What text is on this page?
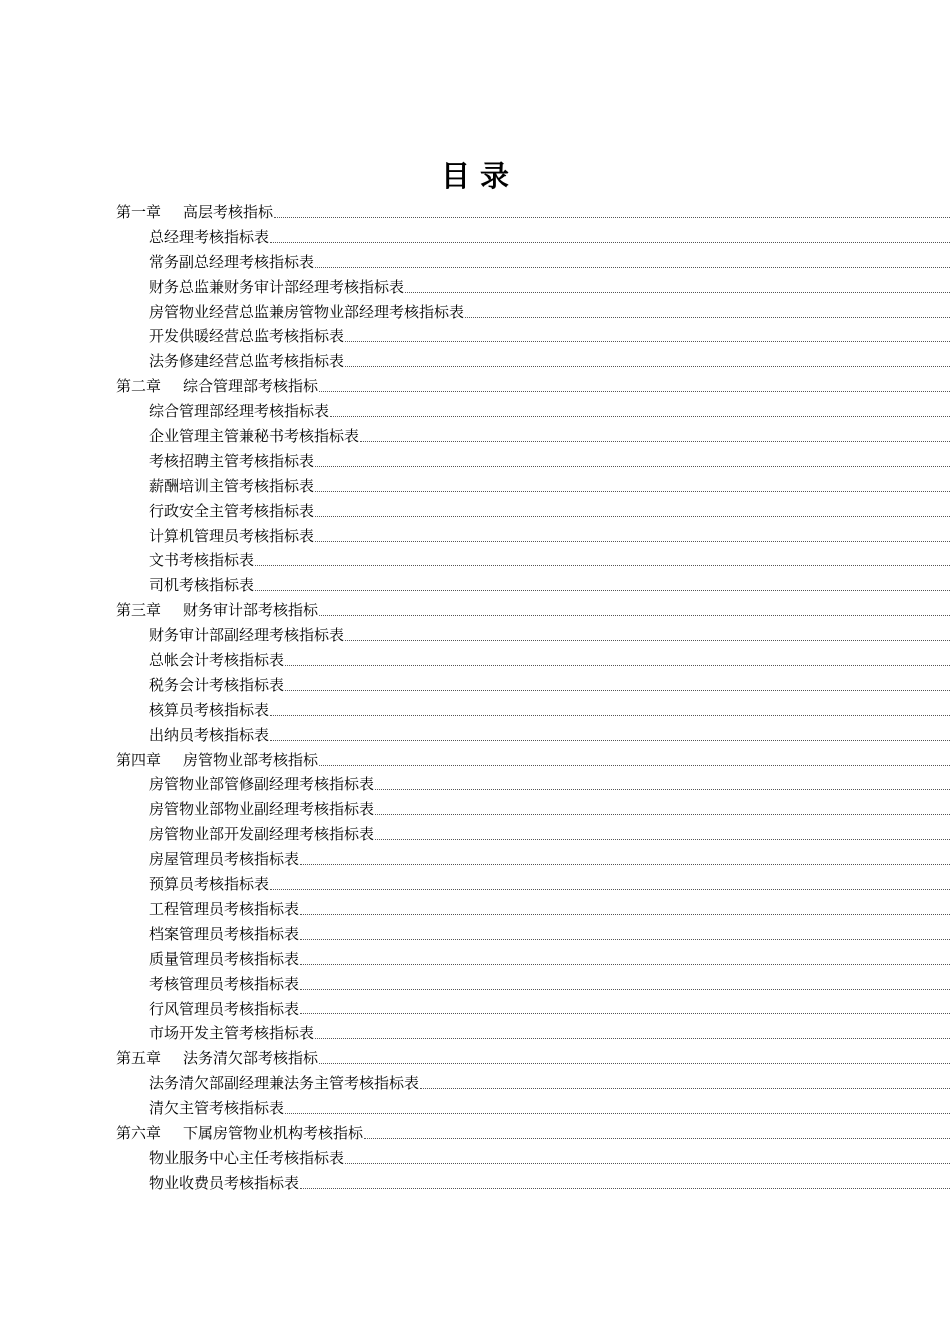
目 录
第一章	高层考核指标
总经理考核指标表
常务副总经理考核指标表
财务总监兼财务审计部经理考核指标表
房管物业经营总监兼房管物业部经理考核指标表
开发供暖经营总监考核指标表
法务修建经营总监考核指标表
第二章	综合管理部考核指标
综合管理部经理考核指标表
企业管理主管兼秘书考核指标表
考核招聘主管考核指标表
薪酬培训主管考核指标表
行政安全主管考核指标表
计算机管理员考核指标表
文书考核指标表
司机考核指标表
第三章	财务审计部考核指标
财务审计部副经理考核指标表
总帐会计考核指标表
税务会计考核指标表
核算员考核指标表
出纳员考核指标表
第四章	房管物业部考核指标
房管物业部管修副经理考核指标表
房管物业部物业副经理考核指标表
房管物业部开发副经理考核指标表
房屋管理员考核指标表
预算员考核指标表
工程管理员考核指标表
档案管理员考核指标表
质量管理员考核指标表
考核管理员考核指标表
行风管理员考核指标表
市场开发主管考核指标表
第五章	法务清欠部考核指标
法务清欠部副经理兼法务主管考核指标表
清欠主管考核指标表
第六章	下属房管物业机构考核指标
物业服务中心主任考核指标表
物业收费员考核指标表
